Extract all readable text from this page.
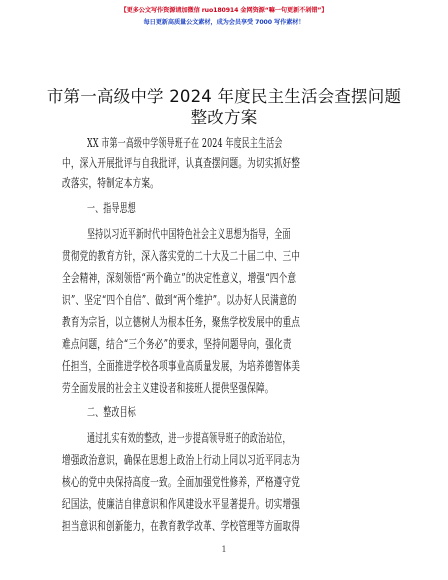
【更多公文写作资源请加微信 ruo180914 金网资源“嘛一句更新不剁错”】
每日更新高质量公文素材，成为会员享受 7000 写作素材！
市第一高级中学 2024 年度民主生活会查摆问题
整改方案
XX 市第一高级中学领导班子在 2024 年度民主生活会
中，深入开展批评与自我批评，认真查摆问题。为切实抓好整
改落实，特制定本方案。
一、指导思想
坚持以习近平新时代中国特色社会主义思想为指导，全面
贯彻党的教育方针，深入落实党的二十大及二十届二中、三中
全会精神，深刻领悟“两个确立”的决定性意义，增强“四个意
识”、坚定“四个自信”、做到“两个维护”。以办好人民满意的
教育为宗旨，以立德树人为根本任务，聚焦学校发展中的重点
难点问题，结合“三个务必”的要求，坚持问题导向，强化责
任担当，全面推进学校各项事业高质量发展，为培养德智体美
劳全面发展的社会主义建设者和接班人提供坚强保障。
二、整改目标
通过扎实有效的整改，进一步提高领导班子的政治站位，
增强政治意识，确保在思想上政治上行动上同以习近平同志为
核心的党中央保持高度一致。全面加强党性修养，严格遵守党
纪国法，使廉洁自律意识和作风建设水平显著提升。切实增强
担当意识和创新能力，在教育教学改革、学校管理等方面取得
1
